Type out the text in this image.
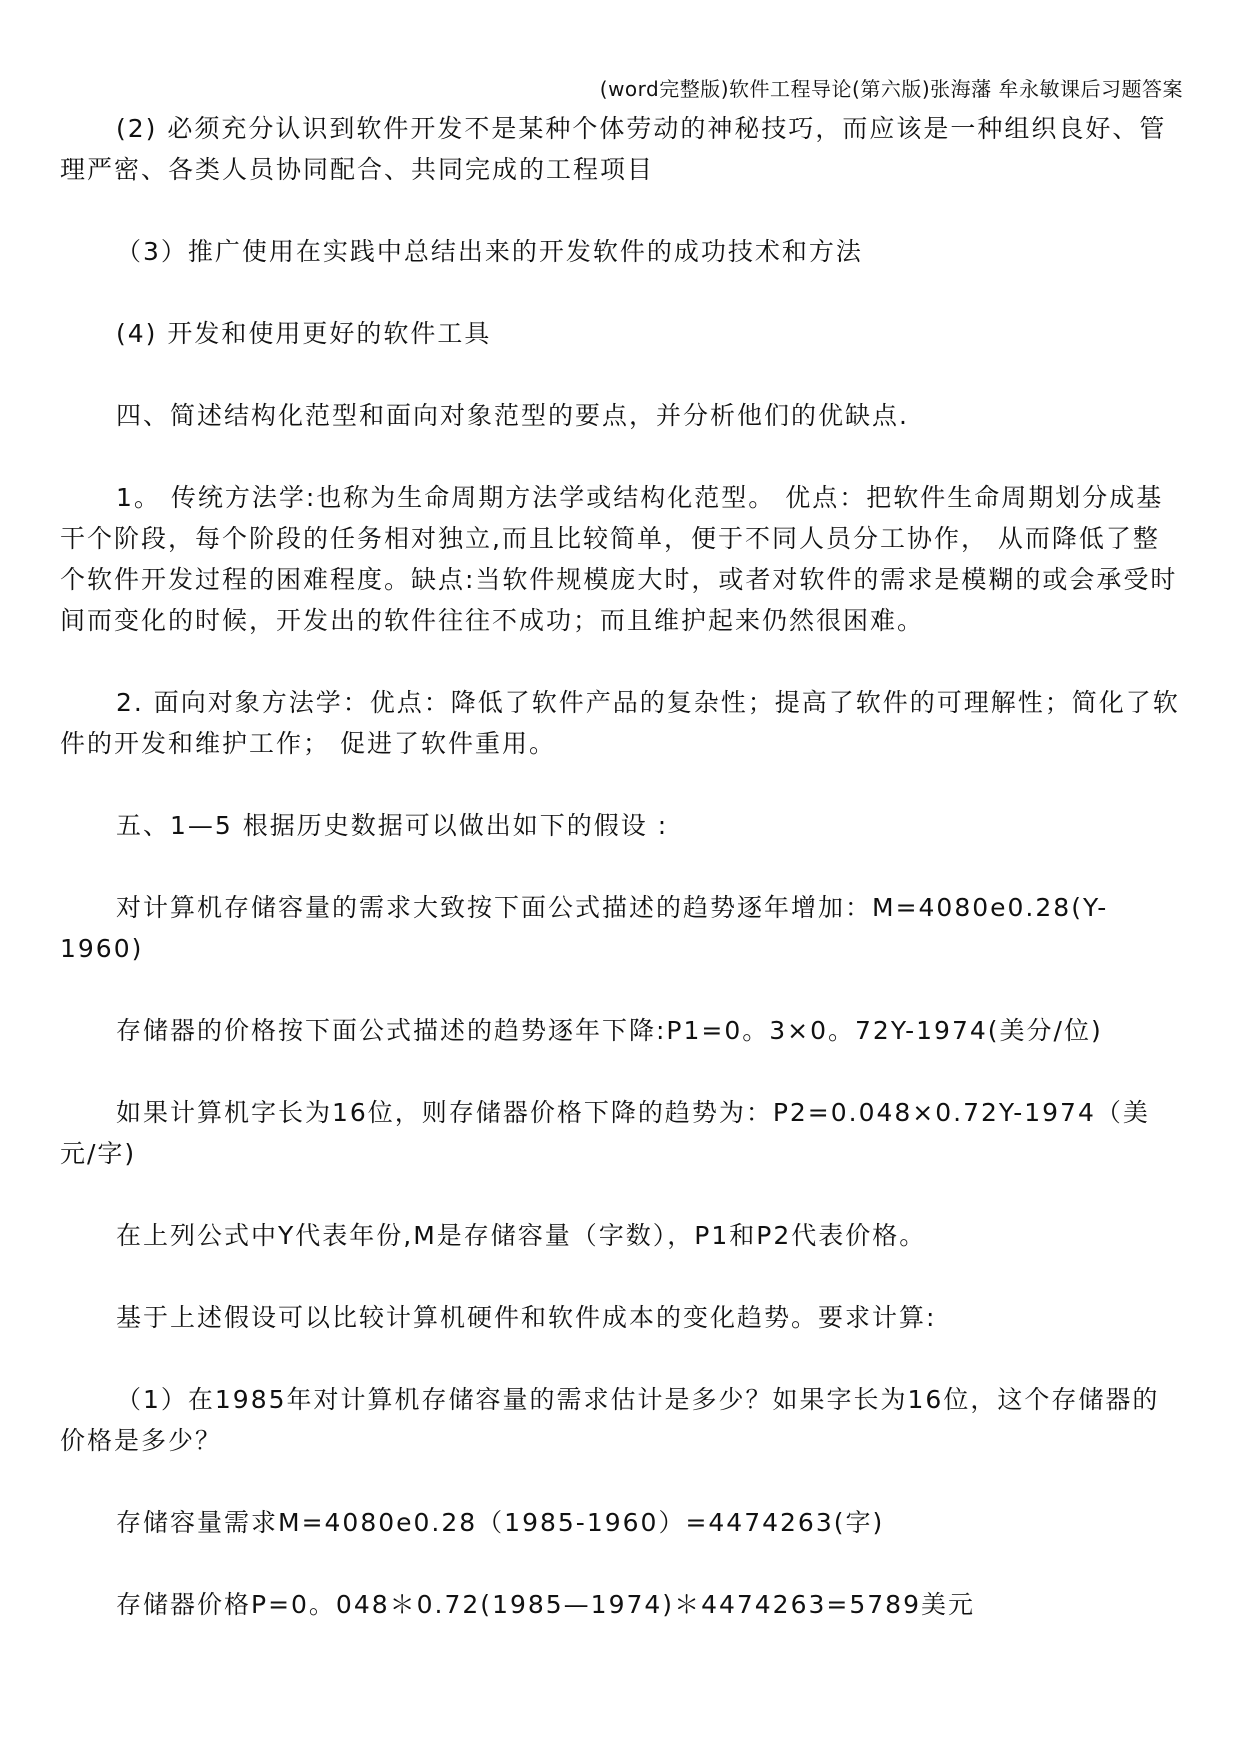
(word完整版)软件工程导论(第六版)张海藩 牟永敏课后习题答案

(2) 必须充分认识到软件开发不是某种个体劳动的神秘技巧，而应该是一种组织良好、管理严密、各类人员协同配合、共同完成的工程项目

（3）推广使用在实践中总结出来的开发软件的成功技术和方法

(4) 开发和使用更好的软件工具

四、简述结构化范型和面向对象范型的要点，并分析他们的优缺点.

1。 传统方法学:也称为生命周期方法学或结构化范型。 优点：把软件生命周期划分成基干个阶段，每个阶段的任务相对独立,而且比较简单，便于不同人员分工协作， 从而降低了整个软件开发过程的困难程度。缺点:当软件规模庞大时，或者对软件的需求是模糊的或会承受时 间而变化的时候，开发出的软件往往不成功；而且维护起来仍然很困难。

2. 面向对象方法学：优点：降低了软件产品的复杂性；提高了软件的可理解性；简化了软件的开发和维护工作； 促进了软件重用。

五、1—5 根据历史数据可以做出如下的假设 :

对计算机存储容量的需求大致按下面公式描述的趋势逐年增加：M=4080e0.28(Y-1960)

存储器的价格按下面公式描述的趋势逐年下降:P1=0。3×0。72Y-1974(美分/位)

如果计算机字长为16位，则存储器价格下降的趋势为：P2=0.048×0.72Y-1974（美元/字)

在上列公式中Y代表年份,M是存储容量（字数），P1和P2代表价格。

基于上述假设可以比较计算机硬件和软件成本的变化趋势。要求计算:

（1）在1985年对计算机存储容量的需求估计是多少？如果字长为16位，这个存储器的价格是多少？

存储容量需求M=4080e0.28（1985-1960）=4474263(字)

存储器价格P=0。048＊0.72(1985—1974)＊4474263=5789美元
